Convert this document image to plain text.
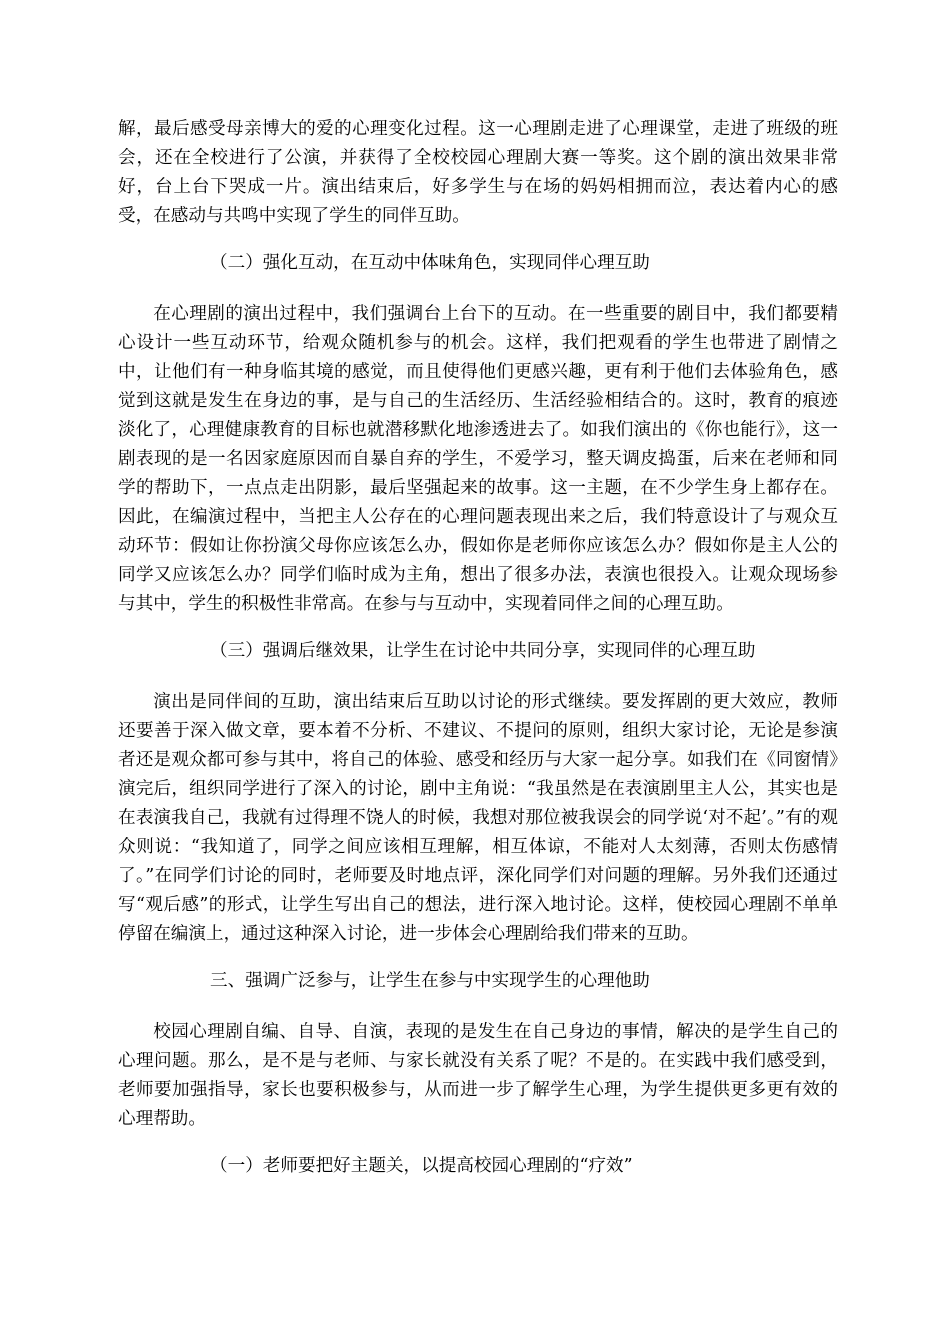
解，最后感受母亲博大的爱的心理变化过程。这一心理剧走进了心理课堂，走进了班级的班会，还在全校进行了公演，并获得了全校校园心理剧大赛一等奖。这个剧的演出效果非常好，台上台下哭成一片。演出结束后，好多学生与在场的妈妈相拥而泣，表达着内心的感受，在感动与共鸣中实现了学生的同伴互助。

（二）强化互动，在互动中体味角色，实现同伴心理互助

在心理剧的演出过程中，我们强调台上台下的互动。在一些重要的剧目中，我们都要精心设计一些互动环节，给观众随机参与的机会。这样，我们把观看的学生也带进了剧情之中，让他们有一种身临其境的感觉，而且使得他们更感兴趣，更有利于他们去体验角色，感觉到这就是发生在身边的事，是与自己的生活经历、生活经验相结合的。这时，教育的痕迹淡化了，心理健康教育的目标也就潜移默化地渗透进去了。如我们演出的《你也能行》，这一剧表现的是一名因家庭原因而自暴自弃的学生，不爱学习，整天调皮捣蛋，后来在老师和同学的帮助下，一点点走出阴影，最后坚强起来的故事。这一主题，在不少学生身上都存在。因此，在编演过程中，当把主人公存在的心理问题表现出来之后，我们特意设计了与观众互动环节：假如让你扮演父母你应该怎么办，假如你是老师你应该怎么办？假如你是主人公的同学又应该怎么办？同学们临时成为主角，想出了很多办法，表演也很投入。让观众现场参与其中，学生的积极性非常高。在参与与互动中，实现着同伴之间的心理互助。

（三）强调后继效果，让学生在讨论中共同分享，实现同伴的心理互助

演出是同伴间的互助，演出结束后互助以讨论的形式继续。要发挥剧的更大效应，教师还要善于深入做文章，要本着不分析、不建议、不提问的原则，组织大家讨论，无论是参演者还是观众都可参与其中，将自己的体验、感受和经历与大家一起分享。如我们在《同窗情》演完后，组织同学进行了深入的讨论，剧中主角说：“我虽然是在表演剧里主人公，其实也是在表演我自己，我就有过得理不饶人的时候，我想对那位被我误会的同学说‘对不起’。”有的观众则说：“我知道了，同学之间应该相互理解，相互体谅，不能对人太刻薄，否则太伤感情了。”在同学们讨论的同时，老师要及时地点评，深化同学们对问题的理解。另外我们还通过写“观后感”的形式，让学生写出自己的想法，进行深入地讨论。这样，使校园心理剧不单单停留在编演上，通过这种深入讨论，进一步体会心理剧给我们带来的互助。

三、强调广泛参与，让学生在参与中实现学生的心理他助

校园心理剧自编、自导、自演，表现的是发生在自己身边的事情，解决的是学生自己的心理问题。那么，是不是与老师、与家长就没有关系了呢？不是的。在实践中我们感受到，老师要加强指导，家长也要积极参与，从而进一步了解学生心理，为学生提供更多更有效的心理帮助。

（一）老师要把好主题关，以提高校园心理剧的“疗效”
